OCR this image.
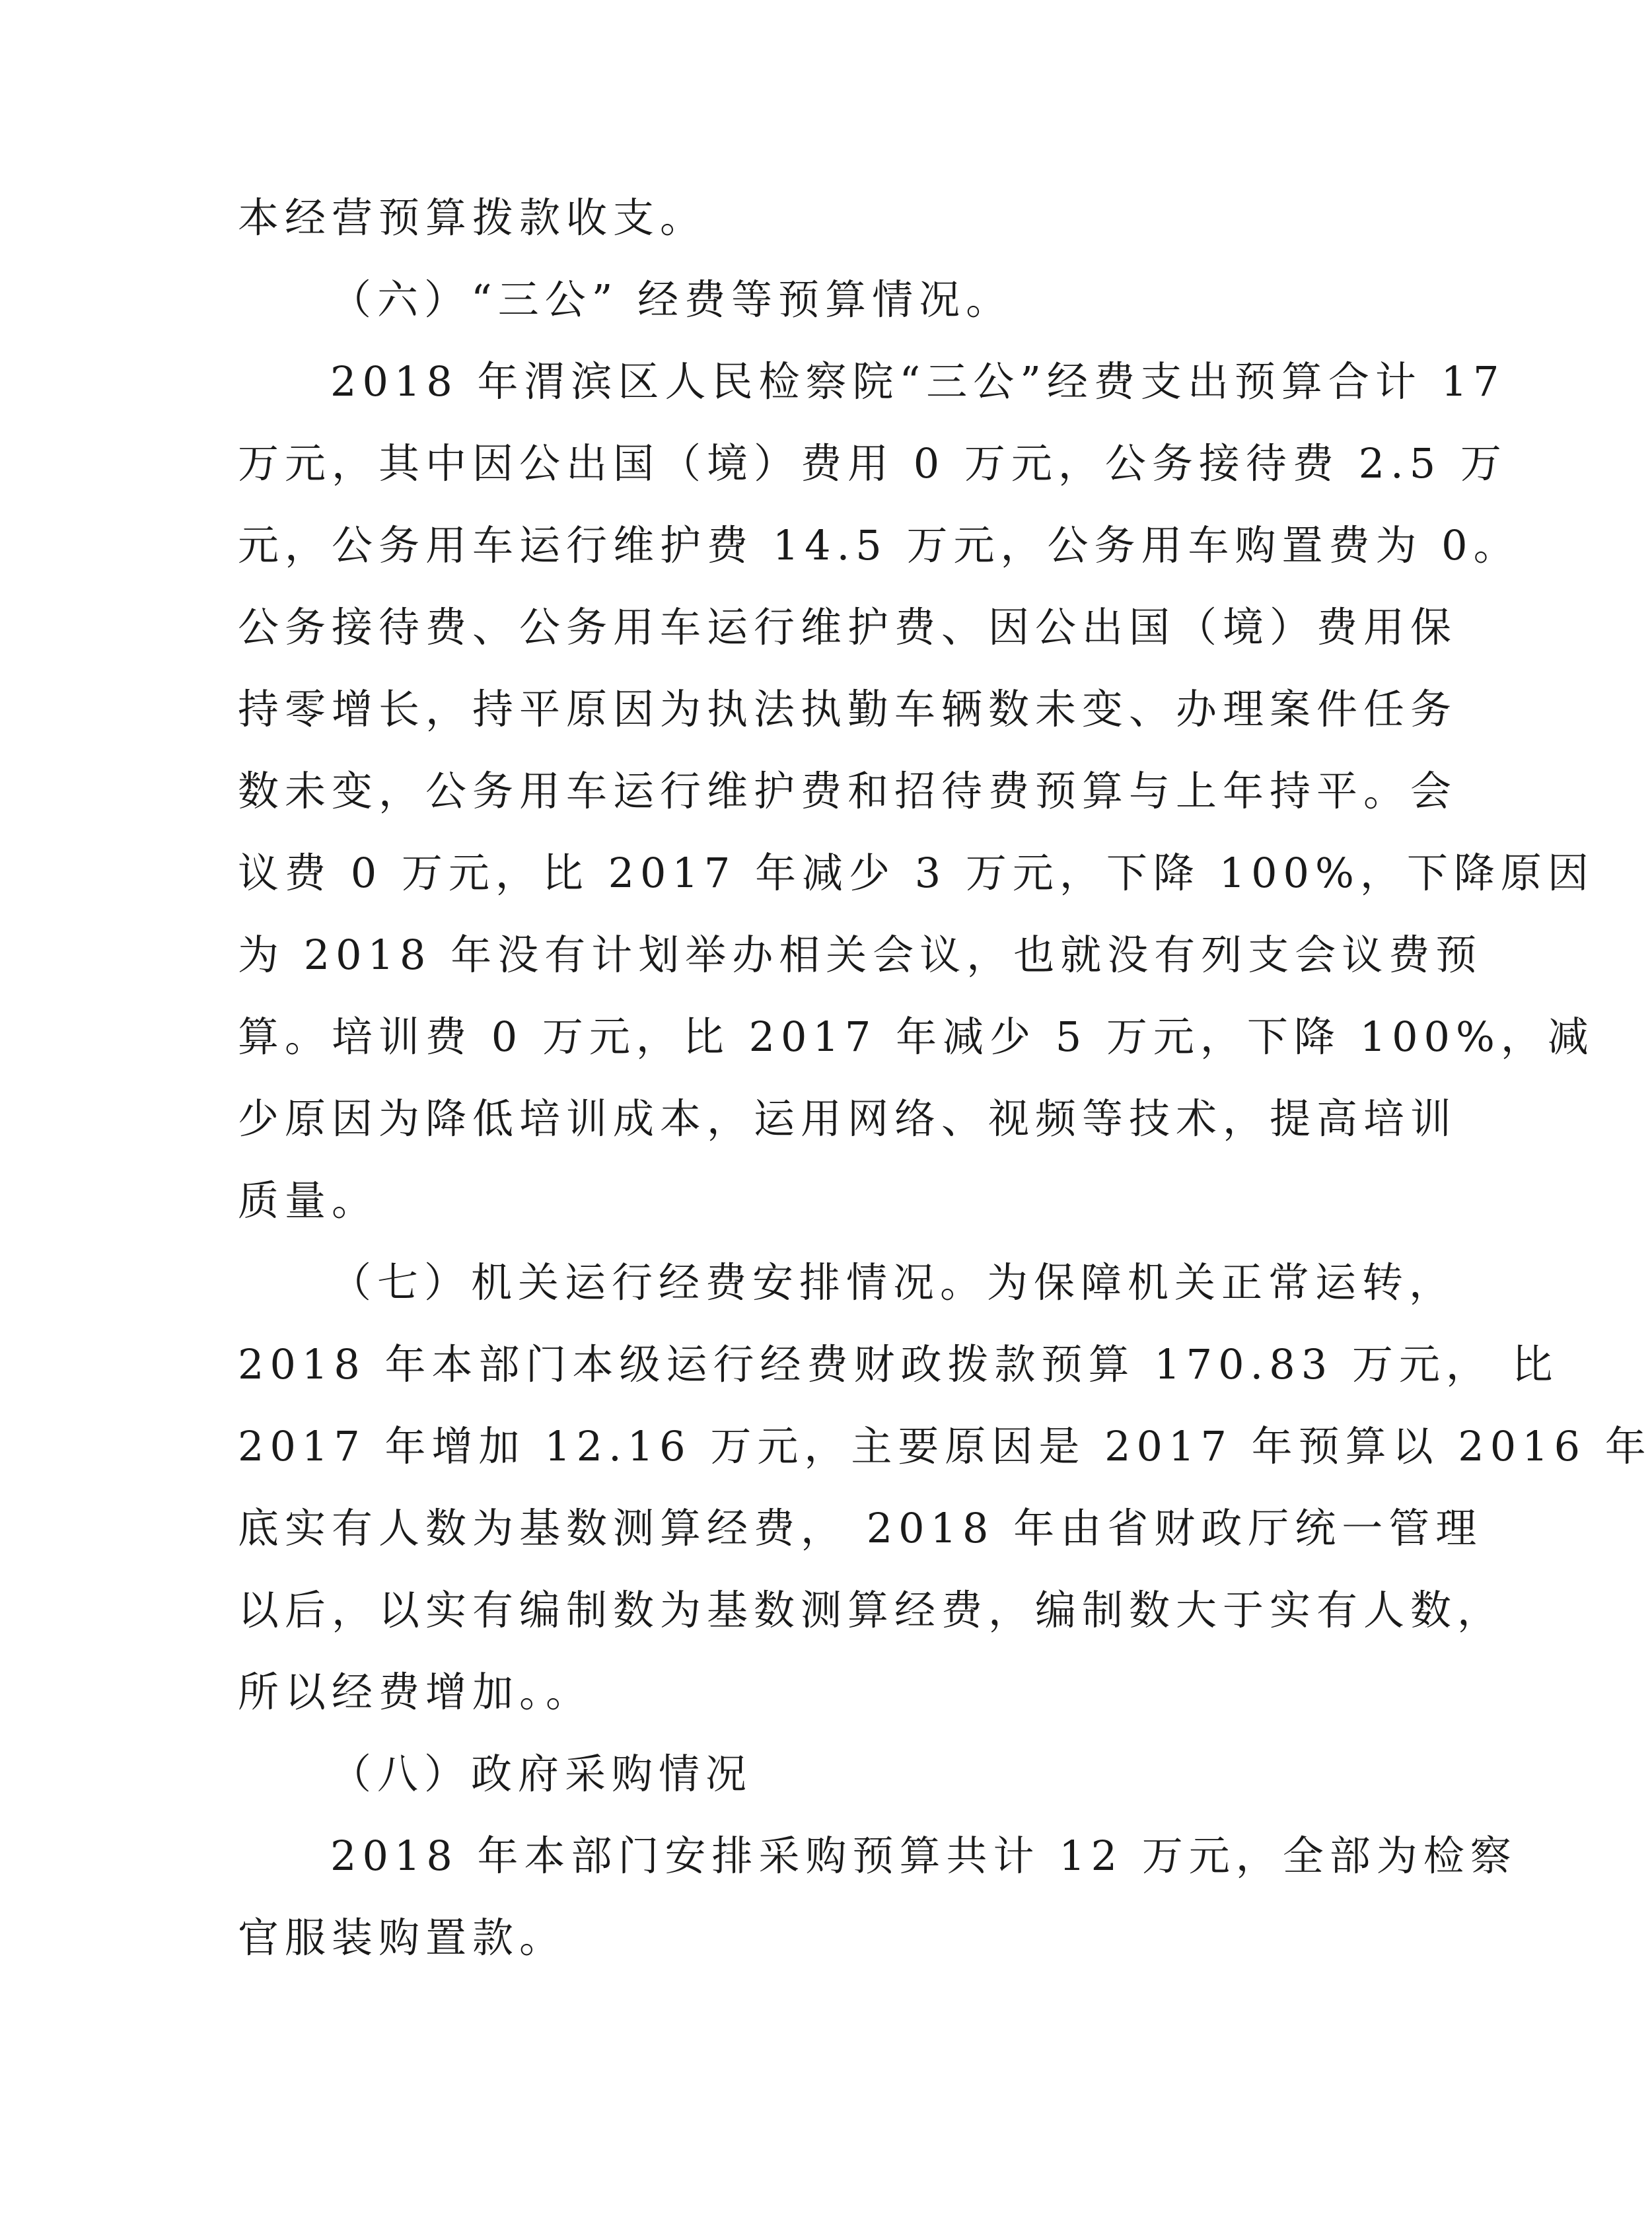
本经营预算拨款收支。
（六）“三公” 经费等预算情况。
2018 年渭滨区人民检察院“三公”经费支出预算合计 17
万元，其中因公出国（境）费用 0 万元，公务接待费 2.5 万
元，公务用车运行维护费 14.5 万元，公务用车购置费为 0。
公务接待费、公务用车运行维护费、因公出国（境）费用保
持零增长，持平原因为执法执勤车辆数未变、办理案件任务
数未变，公务用车运行维护费和招待费预算与上年持平。会
议费 0 万元，比 2017 年减少 3 万元，下降 100%，下降原因
为 2018 年没有计划举办相关会议，也就没有列支会议费预
算。培训费 0 万元，比 2017 年减少 5 万元，下降 100%，减
少原因为降低培训成本，运用网络、视频等技术，提高培训
质量。
（七）机关运行经费安排情况。为保障机关正常运转，
2018 年本部门本级运行经费财政拨款预算 170.83 万元， 比
2017 年增加 12.16 万元，主要原因是 2017 年预算以 2016 年
底实有人数为基数测算经费， 2018 年由省财政厅统一管理
以后，以实有编制数为基数测算经费，编制数大于实有人数，
所以经费增加。。
（八）政府采购情况
2018 年本部门安排采购预算共计 12 万元，全部为检察
官服装购置款。
